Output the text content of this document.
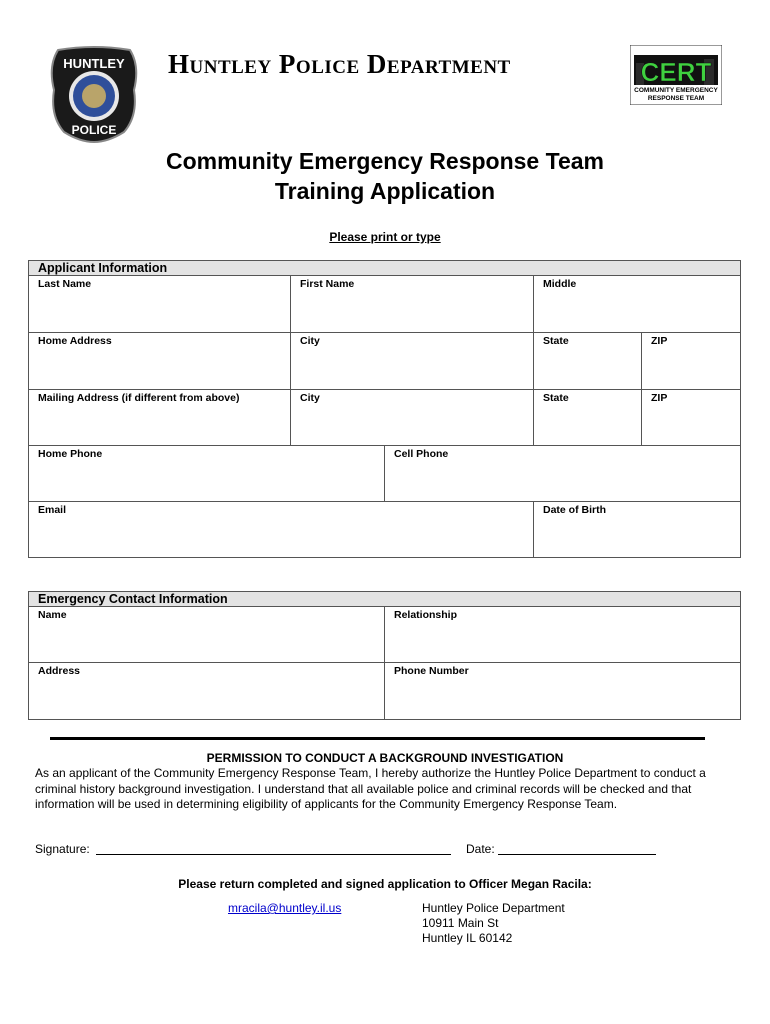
HUNTLEY
POLICE
Huntley Police Department	CERT
COMMUNITY EMERGENCY
RESPONSE TEAM
Community Emergency Response Team
Training Application
Please print or type
Applicant Information
Last Name	First Name	Middle
Home Address	City	State	ZIP
Mailing Address (if different from above)	City	State	ZIP
Home Phone	Cell Phone
Email	Date of Birth
Emergency Contact Information
Name	Relationship
Address	Phone Number
PERMISSION TO CONDUCT A BACKGROUND INVESTIGATION
As an applicant of the Community Emergency Response Team, I hereby authorize the Huntley Police Department to conduct a criminal history background investigation. I understand that all available police and criminal records will be checked and that information will be used in determining eligibility of applicants for the Community Emergency Response Team.
Signature:	Date:
Please return completed and signed application to Officer Megan Racila:
mracila@huntley.il.us	Huntley Police Department
10911 Main St
Huntley IL 60142
